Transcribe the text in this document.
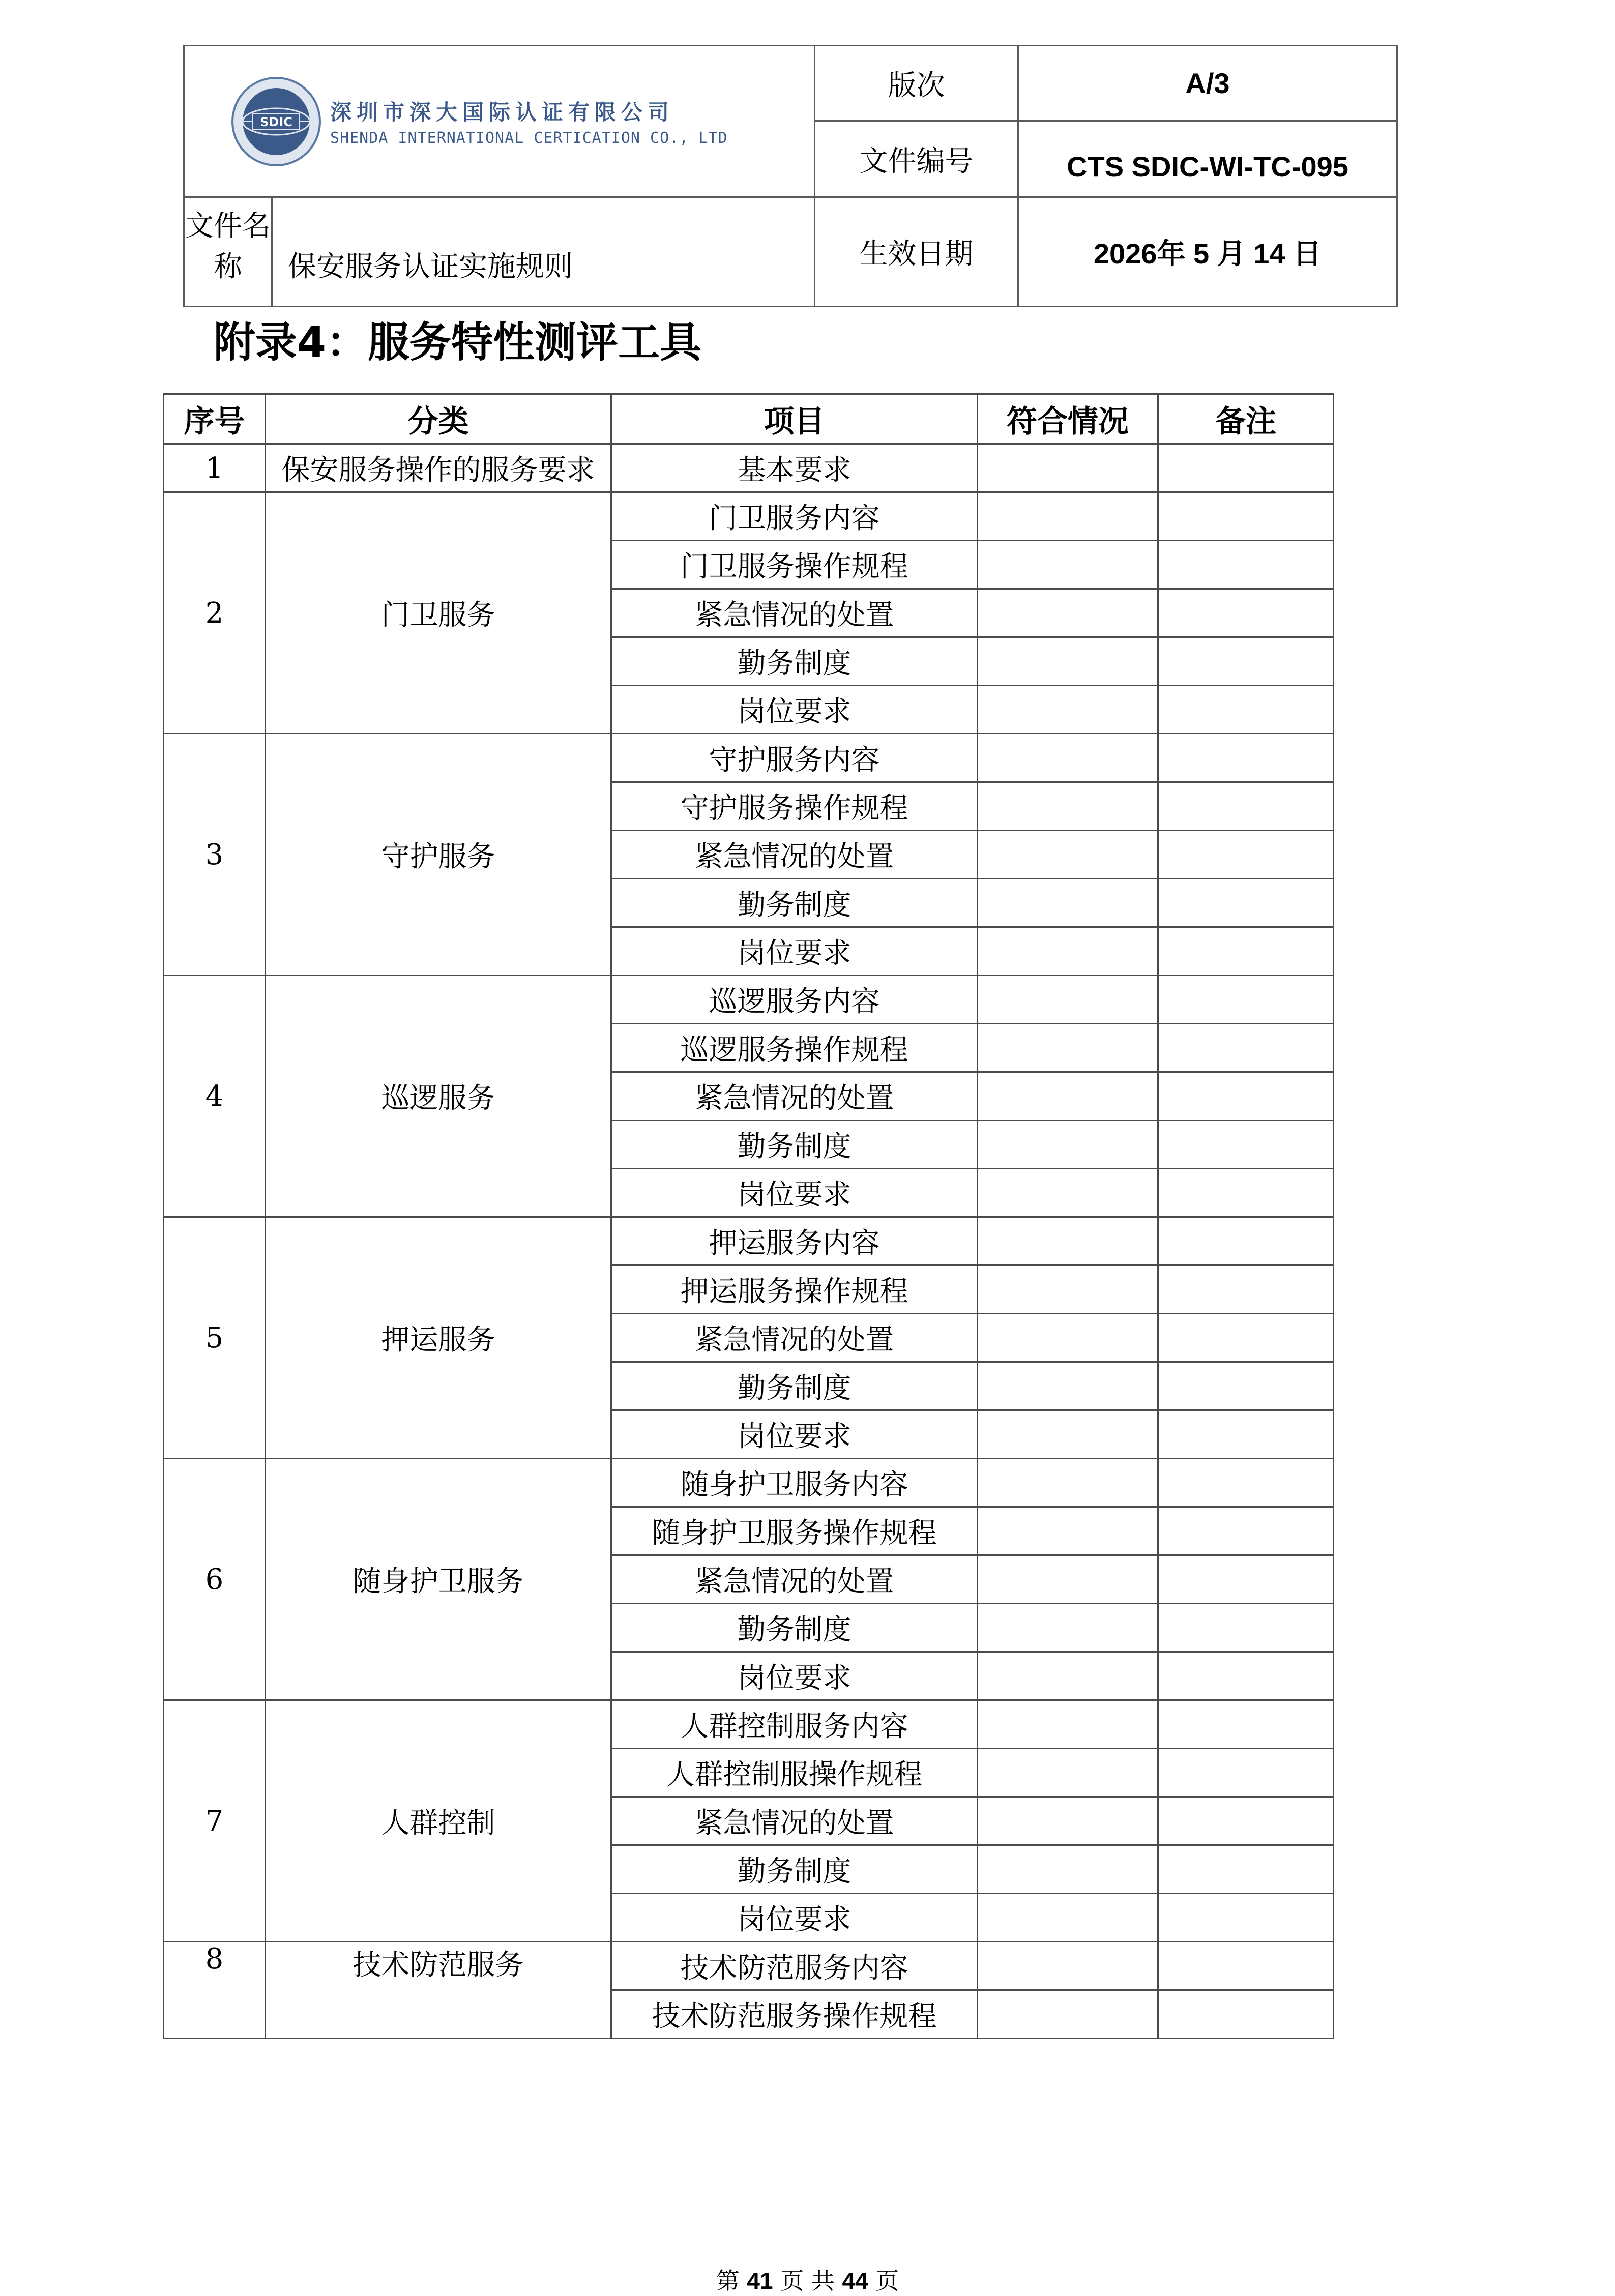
SDIC 深圳市深大国际认证有限公司
SHENDA INTERNATIONAL CERTICATION CO., LTD	版次	A/3
	文件编号	CTS SDIC-WI-TC-095

文件名称 保安服务认证实施规则	生效日期	2026年 5 月 14 日
附录4：服务特性测评工具
序号	分类	项目	符合情况	备注
1	保安服务操作的服务要求	基本要求		
2	门卫服务	门卫服务内容		
		门卫服务操作规程		
		紧急情况的处置		
		勤务制度		
		岗位要求		
3	守护服务	守护服务内容		
		守护服务操作规程		
		紧急情况的处置		
		勤务制度		
		岗位要求		
4	巡逻服务	巡逻服务内容		
		巡逻服务操作规程		
		紧急情况的处置		
		勤务制度		
		岗位要求		
5	押运服务	押运服务内容		
		押运服务操作规程		
		紧急情况的处置		
		勤务制度		
		岗位要求		
6	随身护卫服务	随身护卫服务内容		
		随身护卫服务操作规程		
		紧急情况的处置		
		勤务制度		
		岗位要求		
7	人群控制	人群控制服务内容		
		人群控制服操作规程		
		紧急情况的处置		
		勤务制度		
		岗位要求		
8	技术防范服务	技术防范服务内容		
		技术防范服务操作规程		
第 41 页 共 44 页
